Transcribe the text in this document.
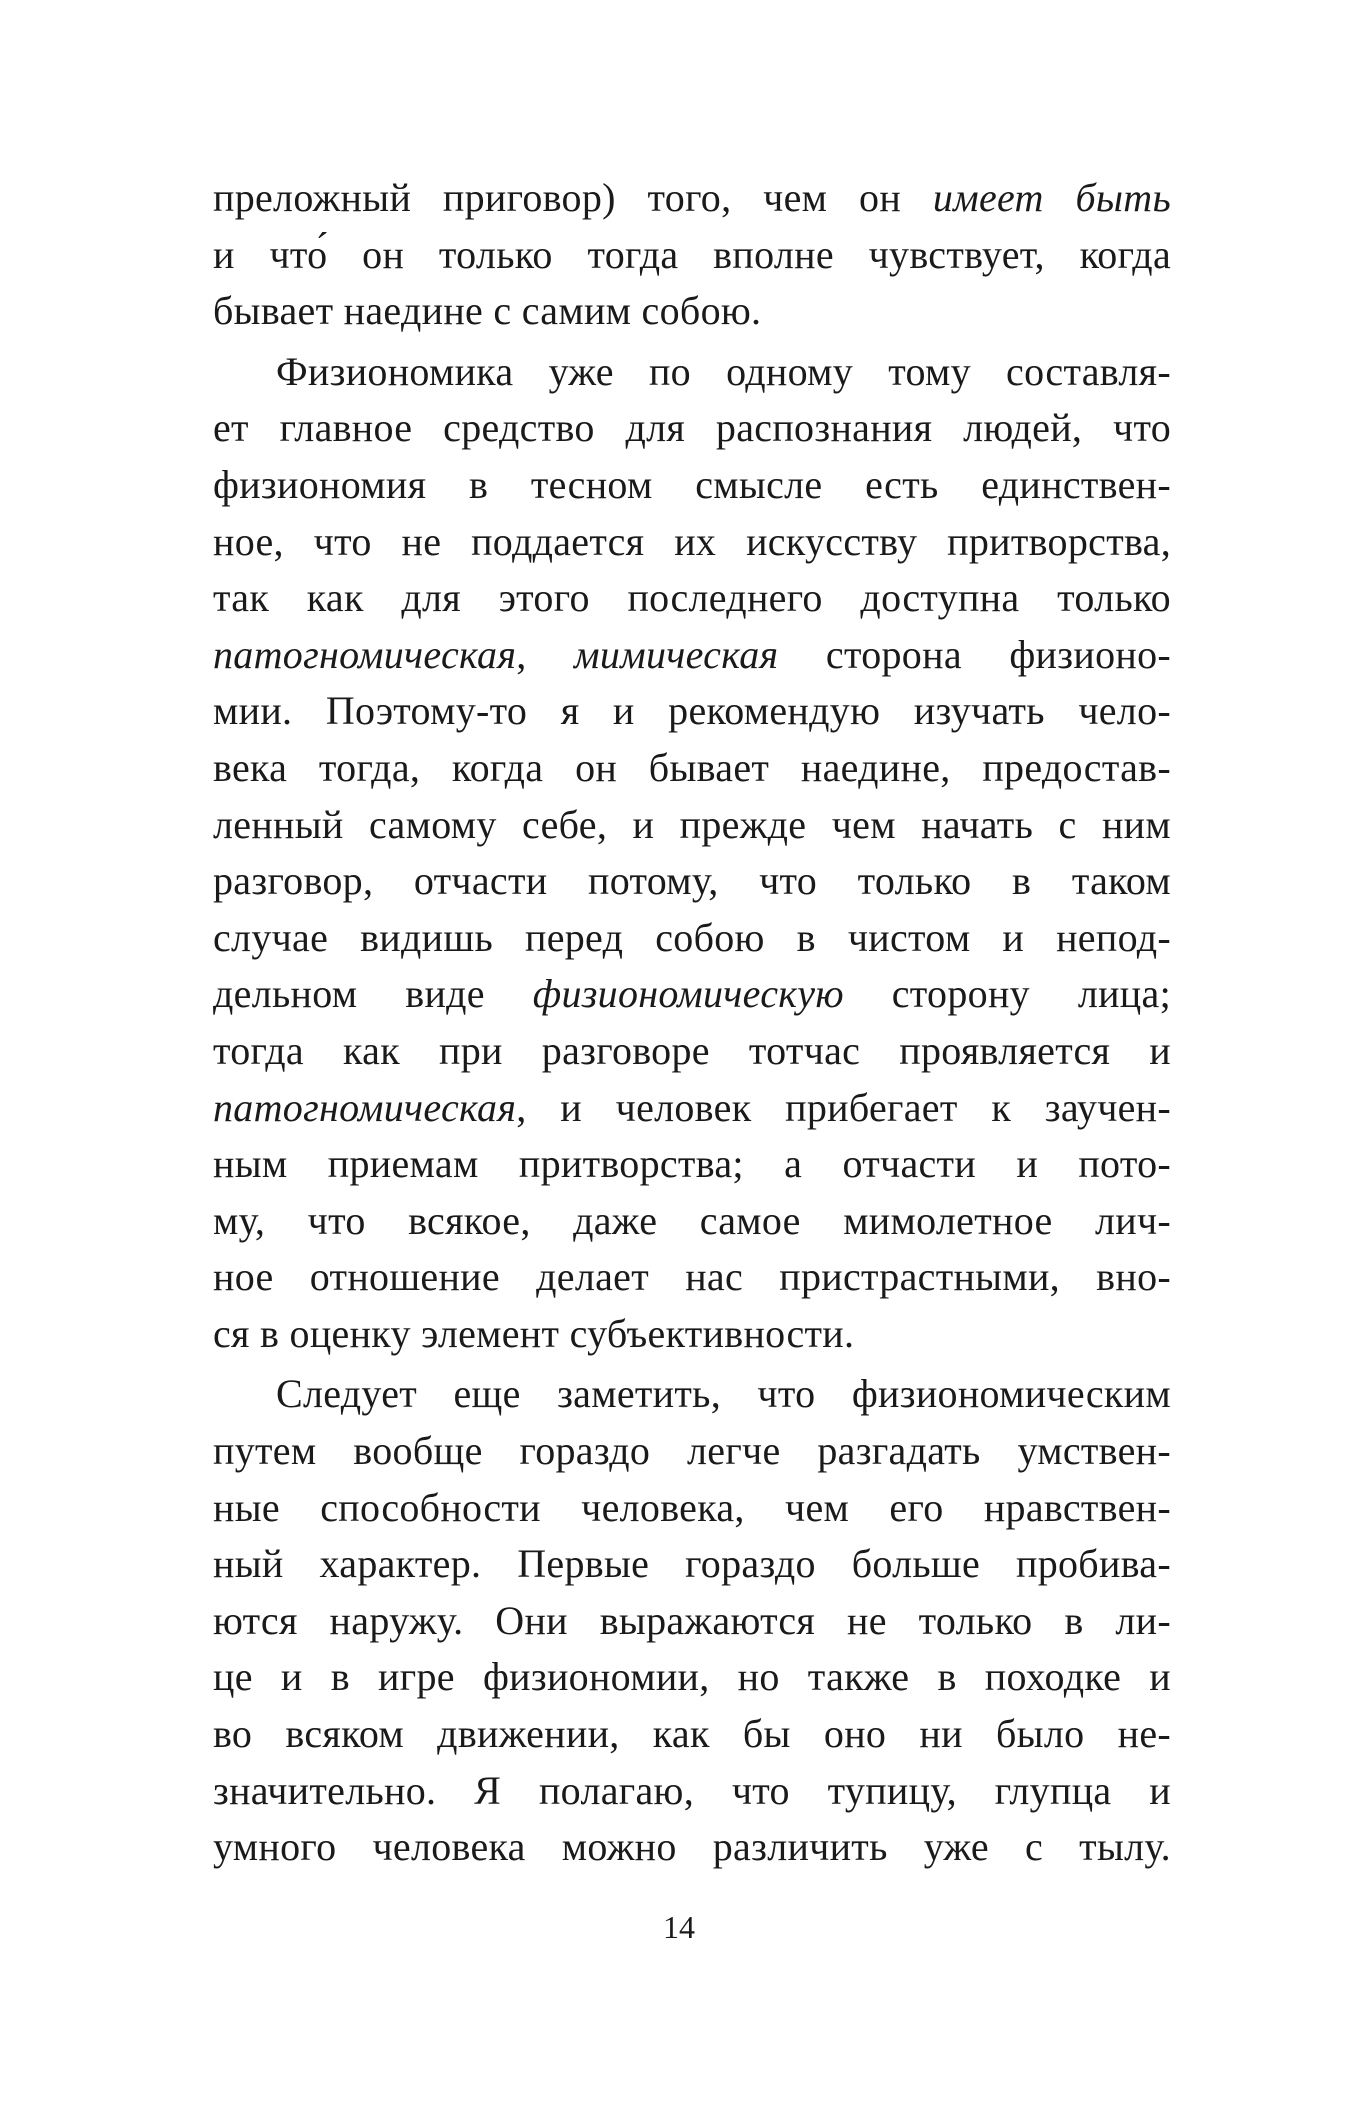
преложный приговор) того, чем он имеет быть
и что́ он только тогда вполне чувствует, когда
бывает наедине с самим собою.
Физиономика уже по одному тому составля-
ет главное средство для распознания людей, что
физиономия в тесном смысле есть единствен-
ное, что не поддается их искусству притворства,
так как для этого последнего доступна только
патогномическая, мимическая сторона физионо-
мии. Поэтому-то я и рекомендую изучать чело-
века тогда, когда он бывает наедине, предостав-
ленный самому себе, и прежде чем начать с ним
разговор, отчасти потому, что только в таком
случае видишь перед собою в чистом и непод-
дельном виде физиономическую сторону лица;
тогда как при разговоре тотчас проявляется и
патогномическая, и человек прибегает к заучен-
ным приемам притворства; а отчасти и пото-
му, что всякое, даже самое мимолетное лич-
ное отношение делает нас пристрастными, вно-
ся в оценку элемент субъективности.
Следует еще заметить, что физиономическим
путем вообще гораздо легче разгадать умствен-
ные способности человека, чем его нравствен-
ный характер. Первые гораздо больше пробива-
ются наружу. Они выражаются не только в ли-
це и в игре физиономии, но также в походке и
во всяком движении, как бы оно ни было не-
значительно. Я полагаю, что тупицу, глупца и
умного человека можно различить уже с тылу.
14
